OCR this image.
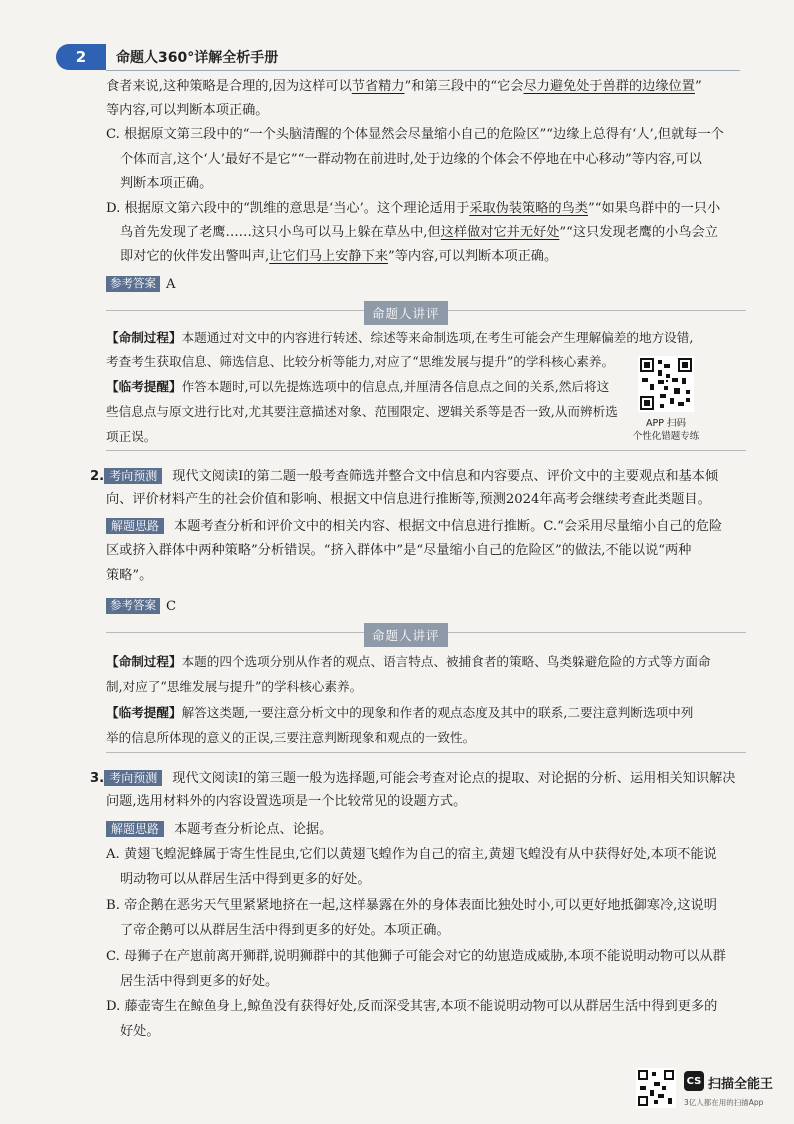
2	命题人360°详解全析手册
食者来说,这种策略是合理的,因为这样可以节省精力”和第三段中的“它会尽力避免处于兽群的边缘位置”
等内容,可以判断本项正确。
C. 根据原文第三段中的“一个头脑清醒的个体显然会尽量缩小自己的危险区”“边缘上总得有‘人’,但就每一个
个体而言,这个‘人’最好不是它”“一群动物在前进时,处于边缘的个体会不停地在中心移动”等内容,可以
判断本项正确。
D. 根据原文第六段中的“凯维的意思是‘当心’。这个理论适用于采取伪装策略的鸟类”“如果鸟群中的一只小
鸟首先发现了老鹰……这只小鸟可以马上躲在草丛中,但这样做对它并无好处”“这只发现老鹰的小鸟会立
即对它的伙伴发出警叫声,让它们马上安静下来”等内容,可以判断本项正确。
参考答案 A
命题人讲评
【命制过程】本题通过对文中的内容进行转述、综述等来命制选项,在考生可能会产生理解偏差的地方设错,
考查考生获取信息、筛选信息、比较分析等能力,对应了“思维发展与提升”的学科核心素养。
【临考提醒】作答本题时,可以先提炼选项中的信息点,并厘清各信息点之间的关系,然后将这
些信息点与原文进行比对,尤其要注意描述对象、范围限定、逻辑关系等是否一致,从而辨析选
项正误。
APP 扫码
个性化错题专练
2. 考向预测 现代文阅读Ⅰ的第二题一般考查筛选并整合文中信息和内容要点、评价文中的主要观点和基本倾
向、评价材料产生的社会价值和影响、根据文中信息进行推断等,预测2024年高考会继续考查此类题目。
解题思路 本题考查分析和评价文中的相关内容、根据文中信息进行推断。C.“会采用尽量缩小自己的危险
区或挤入群体中两种策略”分析错误。“挤入群体中”是“尽量缩小自己的危险区”的做法,不能以说“两种
策略”。
参考答案 C
命题人讲评
【命制过程】本题的四个选项分别从作者的观点、语言特点、被捕食者的策略、鸟类躲避危险的方式等方面命
制,对应了“思维发展与提升”的学科核心素养。
【临考提醒】解答这类题,一要注意分析文中的现象和作者的观点态度及其中的联系,二要注意判断选项中列
举的信息所体现的意义的正误,三要注意判断现象和观点的一致性。
3. 考向预测 现代文阅读Ⅰ的第三题一般为选择题,可能会考查对论点的提取、对论据的分析、运用相关知识解决
问题,选用材料外的内容设置选项是一个比较常见的设题方式。
解题思路 本题考查分析论点、论据。
A. 黄翅飞蝗泥蜂属于寄生性昆虫,它们以黄翅飞蝗作为自己的宿主,黄翅飞蝗没有从中获得好处,本项不能说
明动物可以从群居生活中得到更多的好处。
B. 帝企鹅在恶劣天气里紧紧地挤在一起,这样暴露在外的身体表面比独处时小,可以更好地抵御寒冷,这说明
了帝企鹅可以从群居生活中得到更多的好处。本项正确。
C. 母狮子在产崽前离开狮群,说明狮群中的其他狮子可能会对它的幼崽造成威胁,本项不能说明动物可以从群
居生活中得到更多的好处。
D. 藤壶寄生在鲸鱼身上,鲸鱼没有获得好处,反而深受其害,本项不能说明动物可以从群居生活中得到更多的
好处。
CS 扫描全能王
3亿人都在用的扫描App
